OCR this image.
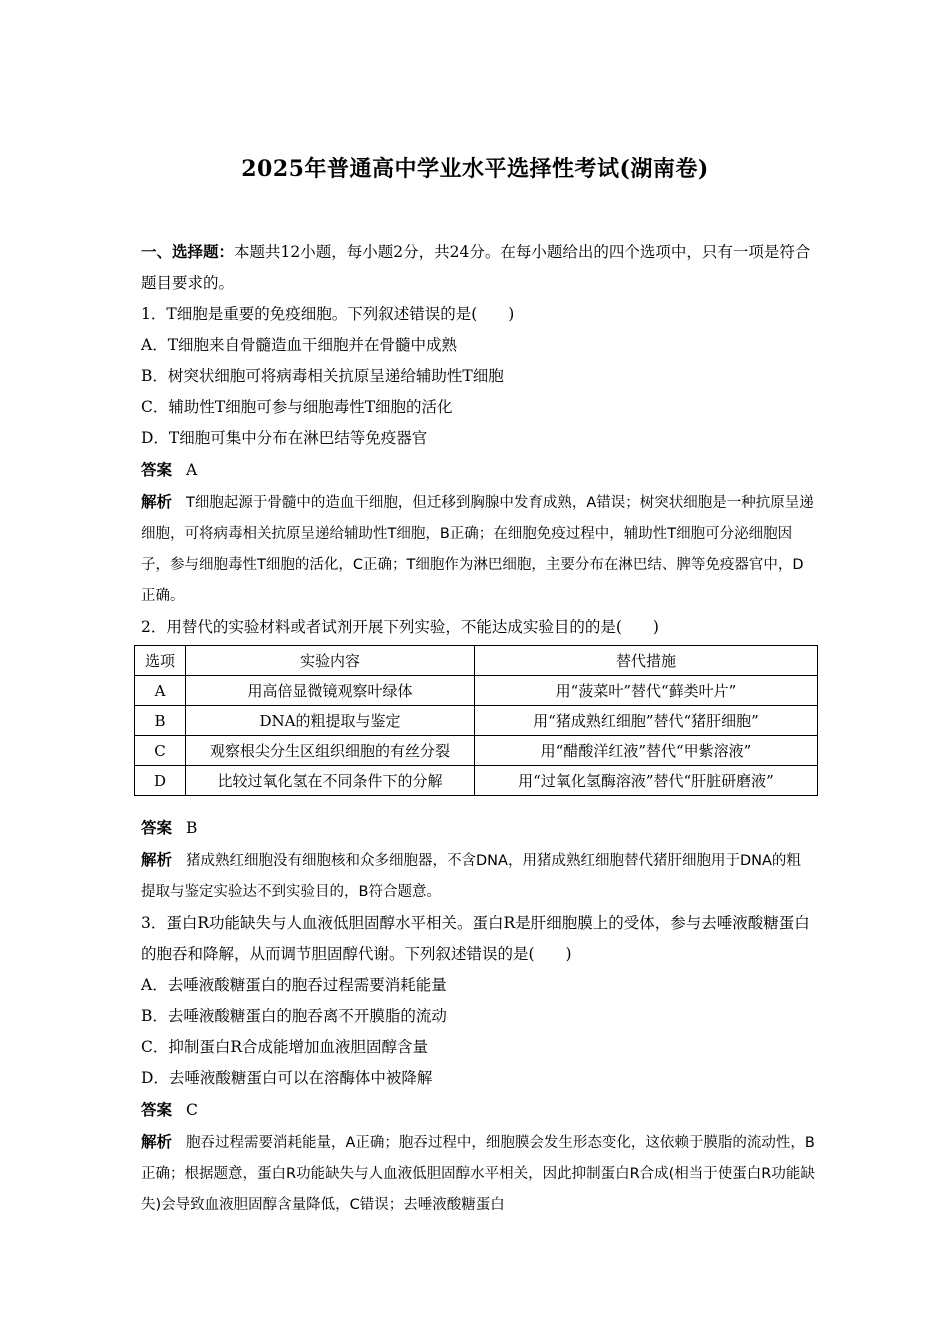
2025年普通高中学业水平选择性考试(湖南卷)

一、选择题：本题共12小题，每小题2分，共24分。在每小题给出的四个选项中，只有一项是符合题目要求的。

1．T细胞是重要的免疫细胞。下列叙述错误的是(　　)

A．T细胞来自骨髓造血干细胞并在骨髓中成熟

B．树突状细胞可将病毒相关抗原呈递给辅助性T细胞

C．辅助性T细胞可参与细胞毒性T细胞的活化

D．T细胞可集中分布在淋巴结等免疫器官

答案 A

解析 T细胞起源于骨髓中的造血干细胞，但迁移到胸腺中发育成熟，A错误；树突状细胞是一种抗原呈递细胞，可将病毒相关抗原呈递给辅助性T细胞，B正确；在细胞免疫过程中，辅助性T细胞可分泌细胞因子，参与细胞毒性T细胞的活化，C正确；T细胞作为淋巴细胞，主要分布在淋巴结、脾等免疫器官中，D正确。

2．用替代的实验材料或者试剂开展下列实验，不能达成实验目的的是(　　)

选项	实验内容	替代措施
A	用高倍显微镜观察叶绿体	用“菠菜叶”替代“藓类叶片”
B	DNA的粗提取与鉴定	用“猪成熟红细胞”替代“猪肝细胞”
C	观察根尖分生区组织细胞的有丝分裂	用“醋酸洋红液”替代“甲紫溶液”
D	比较过氧化氢在不同条件下的分解	用“过氧化氢酶溶液”替代“肝脏研磨液”

答案 B

解析 猪成熟红细胞没有细胞核和众多细胞器，不含DNA，用猪成熟红细胞替代猪肝细胞用于DNA的粗提取与鉴定实验达不到实验目的，B符合题意。

3．蛋白R功能缺失与人血液低胆固醇水平相关。蛋白R是肝细胞膜上的受体，参与去唾液酸糖蛋白的胞吞和降解，从而调节胆固醇代谢。下列叙述错误的是(　　)

A．去唾液酸糖蛋白的胞吞过程需要消耗能量

B．去唾液酸糖蛋白的胞吞离不开膜脂的流动

C．抑制蛋白R合成能增加血液胆固醇含量

D．去唾液酸糖蛋白可以在溶酶体中被降解

答案 C

解析 胞吞过程需要消耗能量，A正确；胞吞过程中，细胞膜会发生形态变化，这依赖于膜脂的流动性，B正确；根据题意，蛋白R功能缺失与人血液低胆固醇水平相关，因此抑制蛋白R合成(相当于使蛋白R功能缺失)会导致血液胆固醇含量降低，C错误；去唾液酸糖蛋白
